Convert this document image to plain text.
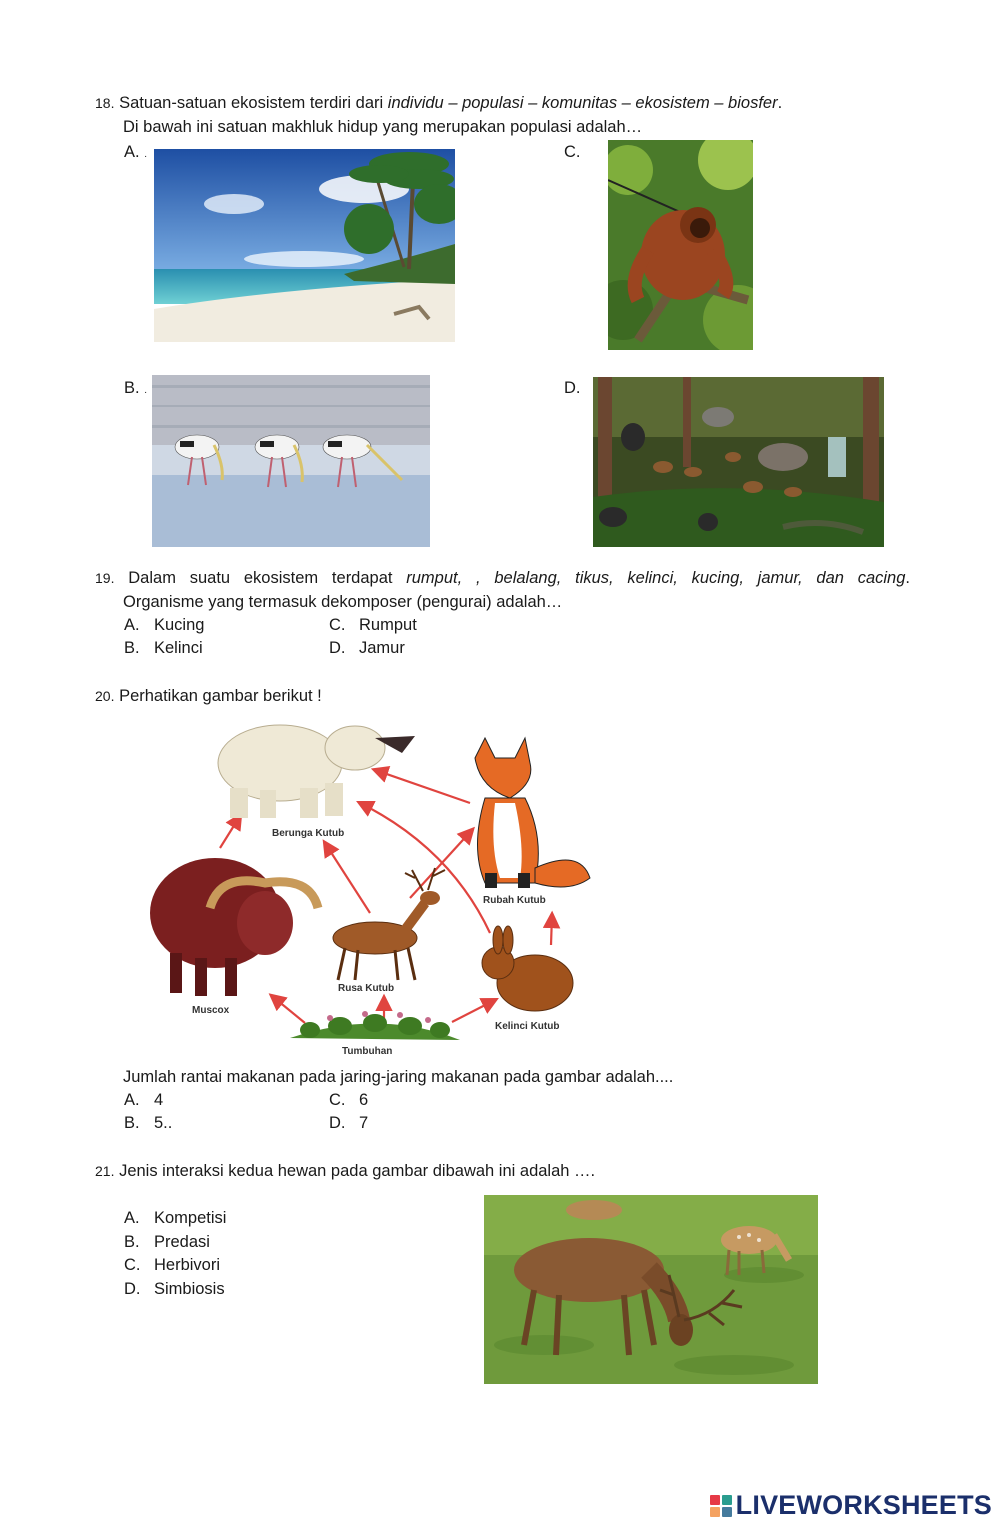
18. Satuan-satuan ekosistem terdiri dari individu – populasi – komunitas – ekosistem – biosfer.
Di bawah ini satuan makhluk hidup yang merupakan populasi adalah…
A. .	C.
B. .	D.
19. Dalam suatu ekosistem terdapat rumput, , belalang, tikus, kelinci, kucing, jamur, dan cacing.
Organisme yang termasuk dekomposer (pengurai) adalah…
A. Kucing	C. Rumput
B. Kelinci	D. Jamur
20. Perhatikan gambar berikut !
Berunga Kutub
Rubah Kutub
Muscox
Rusa Kutub
Kelinci Kutub
Tumbuhan
Jumlah rantai makanan pada jaring-jaring makanan pada gambar adalah....
A. 4	C. 6
B. 5..	D. 7
21. Jenis interaksi kedua hewan pada gambar dibawah ini adalah ….
A. Kompetisi
B. Predasi
C. Herbivori
D. Simbiosis
LIVEWORKSHEETS
